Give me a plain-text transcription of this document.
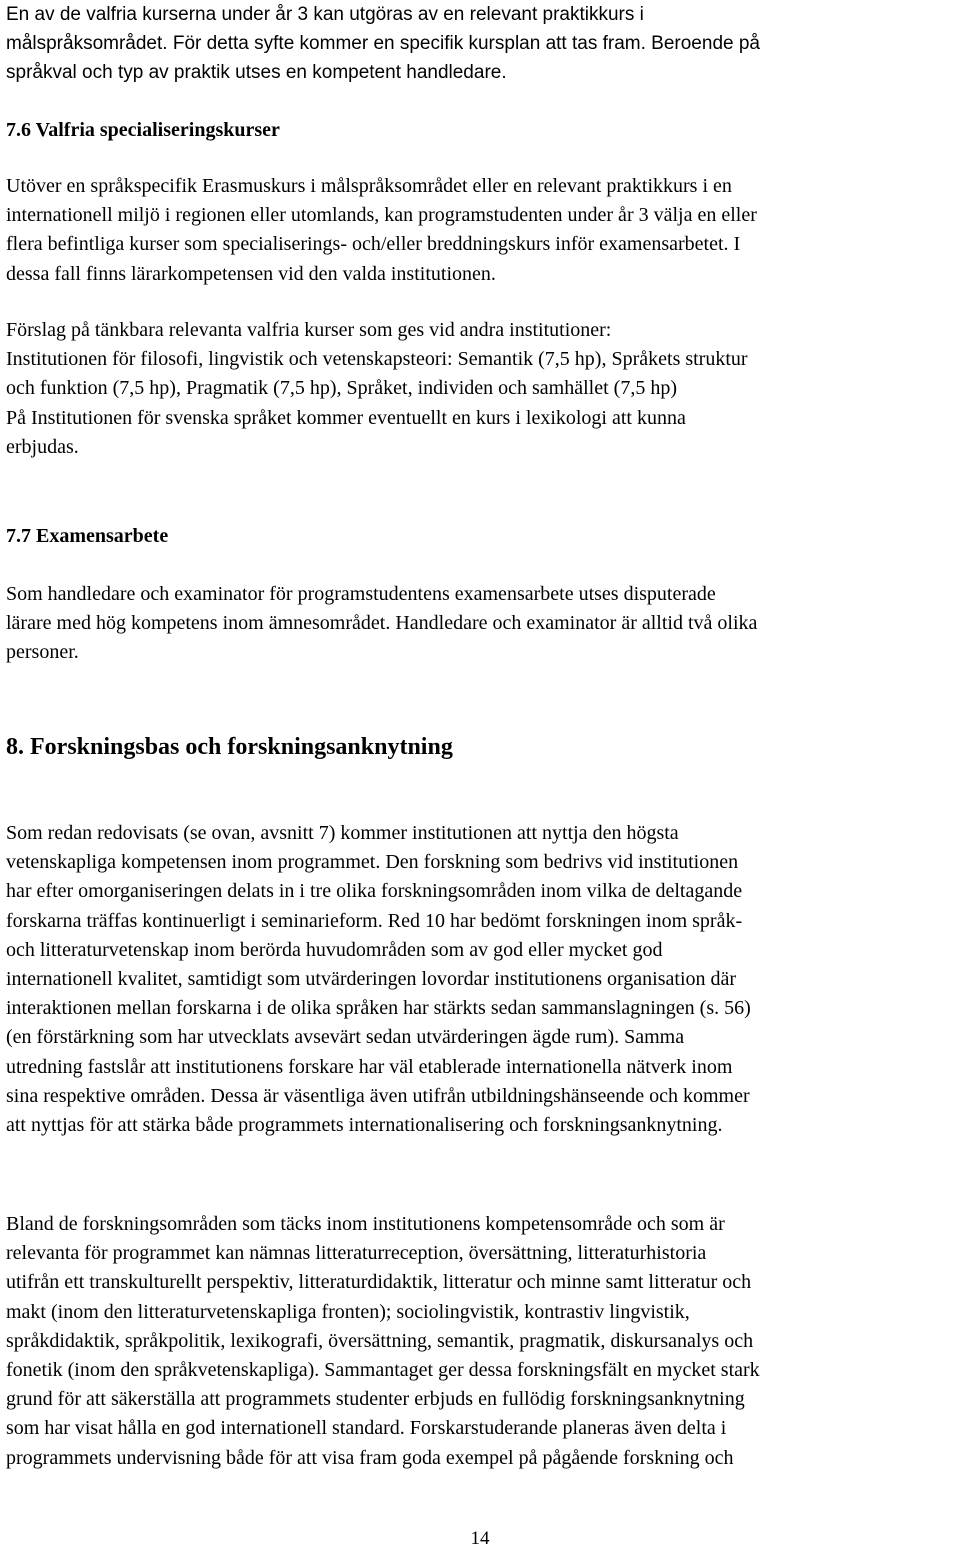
En av de valfria kurserna under år 3 kan utgöras av en relevant praktikkurs i
målspråksområdet. För detta syfte kommer en specifik kursplan att tas fram. Beroende på
språkval och typ av praktik utses en kompetent handledare.

7.6 Valfria specialiseringskurser

Utöver en språkspecifik Erasmuskurs i målspråksområdet eller en relevant praktikkurs i en
internationell miljö i regionen eller utomlands, kan programstudenten under år 3 välja en eller
flera befintliga kurser som specialiserings- och/eller breddningskurs inför examensarbetet. I
dessa fall finns lärarkompetensen vid den valda institutionen.

Förslag på tänkbara relevanta valfria kurser som ges vid andra institutioner:
Institutionen för filosofi, lingvistik och vetenskapsteori: Semantik (7,5 hp), Språkets struktur
och funktion (7,5 hp), Pragmatik (7,5 hp), Språket, individen och samhället (7,5 hp)
På Institutionen för svenska språket kommer eventuellt en kurs i lexikologi att kunna
erbjudas.

7.7 Examensarbete

Som handledare och examinator för programstudentens examensarbete utses disputerade
lärare med hög kompetens inom ämnesområdet. Handledare och examinator är alltid två olika
personer.

8. Forskningsbas och forskningsanknytning

Som redan redovisats (se ovan, avsnitt 7) kommer institutionen att nyttja den högsta
vetenskapliga kompetensen inom programmet. Den forskning som bedrivs vid institutionen
har efter omorganiseringen delats in i tre olika forskningsområden inom vilka de deltagande
forskarna träffas kontinuerligt i seminarieform. Red 10 har bedömt forskningen inom språk-
och litteraturvetenskap inom berörda huvudområden som av god eller mycket god
internationell kvalitet, samtidigt som utvärderingen lovordar institutionens organisation där
interaktionen mellan forskarna i de olika språken har stärkts sedan sammanslagningen (s. 56)
(en förstärkning som har utvecklats avsevärt sedan utvärderingen ägde rum). Samma
utredning fastslår att institutionens forskare har väl etablerade internationella nätverk inom
sina respektive områden. Dessa är väsentliga även utifrån utbildningshänseende och kommer
att nyttjas för att stärka både programmets internationalisering och forskningsanknytning.

Bland de forskningsområden som täcks inom institutionens kompetensområde och som är
relevanta för programmet kan nämnas litteraturreception, översättning, litteraturhistoria
utifrån ett transkulturellt perspektiv, litteraturdidaktik, litteratur och minne samt litteratur och
makt (inom den litteraturvetenskapliga fronten); sociolingvistik, kontrastiv lingvistik,
språkdidaktik, språkpolitik, lexikografi, översättning, semantik, pragmatik, diskursanalys och
fonetik (inom den språkvetenskapliga). Sammantaget ger dessa forskningsfält en mycket stark
grund för att säkerställa att programmets studenter erbjuds en fullödig forskningsanknytning
som har visat hålla en god internationell standard. Forskarstuderande planeras även delta i
programmets undervisning både för att visa fram goda exempel på pågående forskning och

14
